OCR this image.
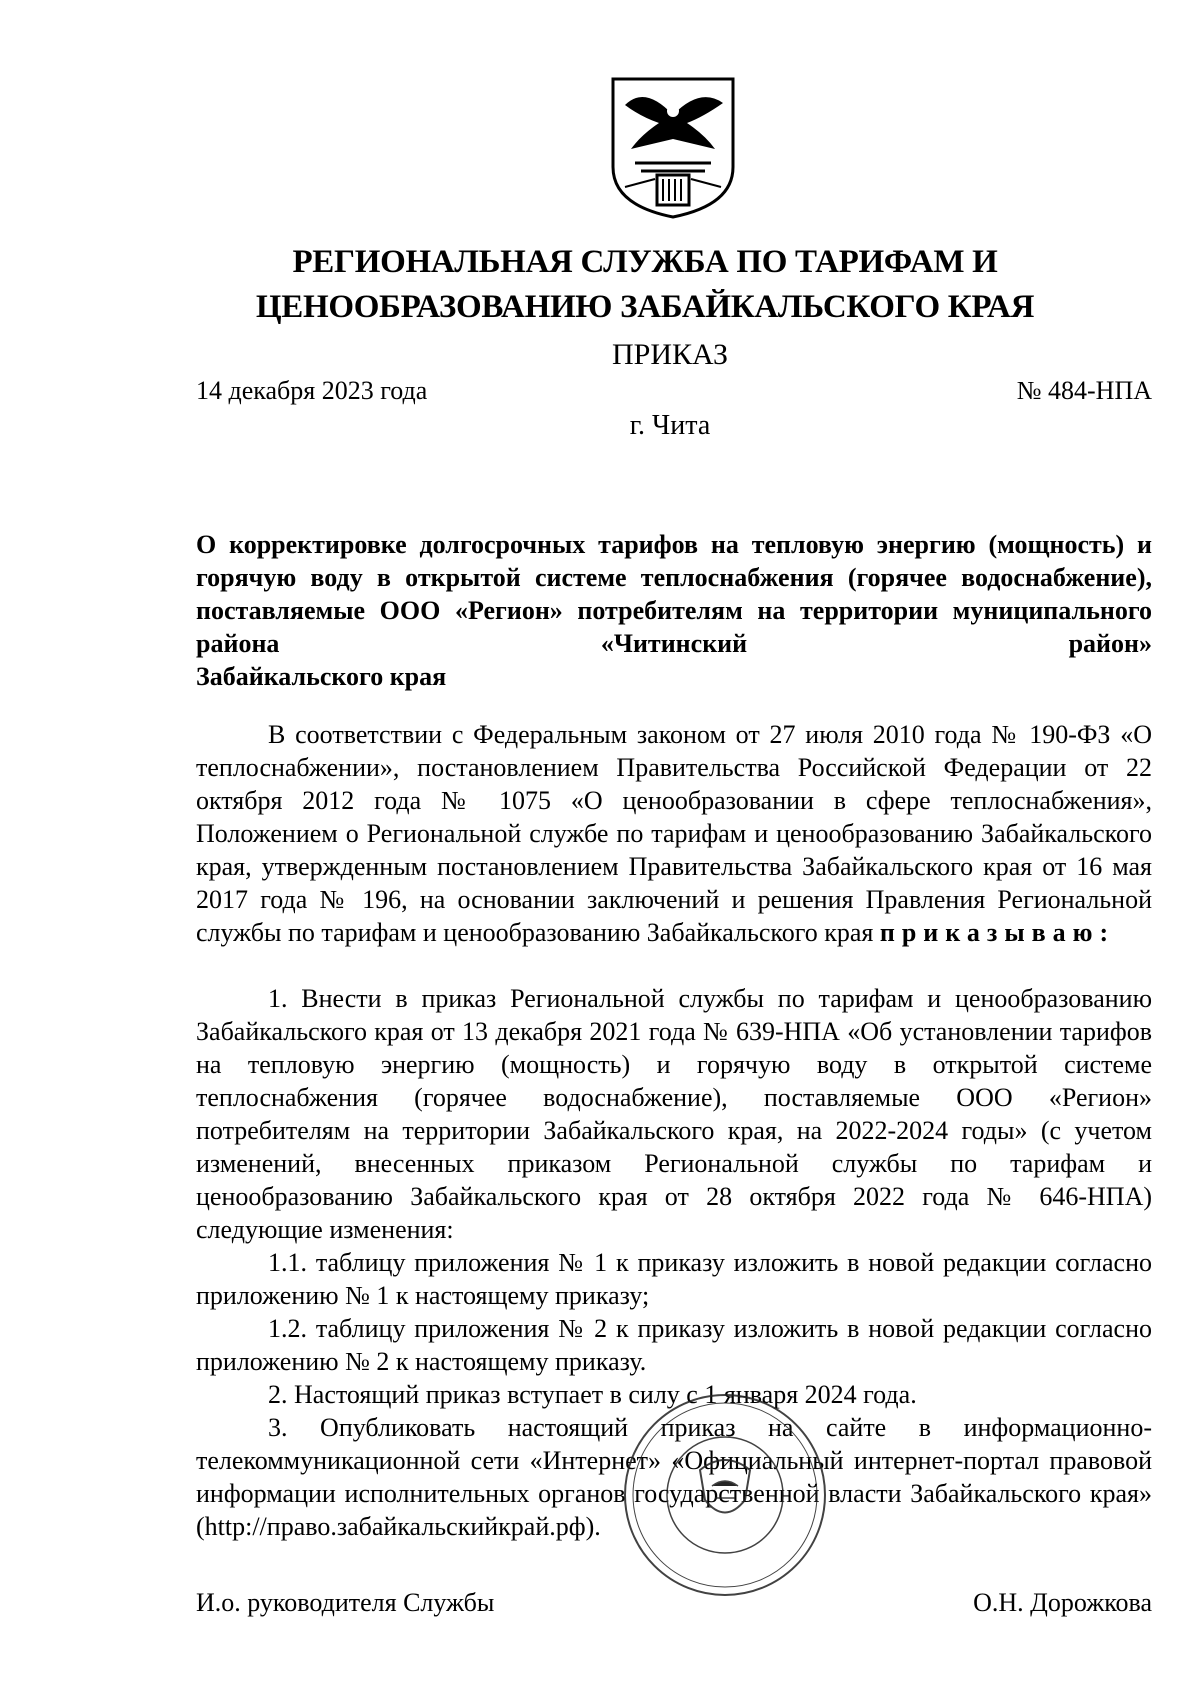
РЕГИОНАЛЬНАЯ СЛУЖБА ПО ТАРИФАМ И
ЦЕНООБРАЗОВАНИЮ ЗАБАЙКАЛЬСКОГО КРАЯ
ПРИКАЗ
14 декабря 2023 года	№ 484-НПА
г. Чита
О корректировке долгосрочных тарифов на тепловую энергию (мощность) и горячую воду в открытой системе теплоснабжения (горячее водоснабжение), поставляемые ООО «Регион» потребителям на территории муниципального района «Читинский район»
Забайкальского края

В соответствии с Федеральным законом от 27 июля 2010 года № 190-ФЗ «О теплоснабжении», постановлением Правительства Российской Федерации от 22 октября 2012 года № 1075 «О ценообразовании в сфере теплоснабжения», Положением о Региональной службе по тарифам и ценообразованию Забайкальского края, утвержденным постановлением Правительства Забайкальского края от 16 мая 2017 года № 196, на основании заключений и решения Правления Региональной службы по тарифам и ценообразованию Забайкальского края приказываю:

1. Внести в приказ Региональной службы по тарифам и ценообразованию Забайкальского края от 13 декабря 2021 года № 639-НПА «Об установлении тарифов на тепловую энергию (мощность) и горячую воду в открытой системе теплоснабжения (горячее водоснабжение), поставляемые ООО «Регион» потребителям на территории Забайкальского края, на 2022-2024 годы» (с учетом изменений, внесенных приказом Региональной службы по тарифам и ценообразованию Забайкальского края от 28 октября 2022 года № 646-НПА) следующие изменения:

1.1. таблицу приложения № 1 к приказу изложить в новой редакции согласно приложению № 1 к настоящему приказу;

1.2. таблицу приложения № 2 к приказу изложить в новой редакции согласно приложению № 2 к настоящему приказу.

2. Настоящий приказ вступает в силу с 1 января 2024 года.

3. Опубликовать настоящий приказ на сайте в информационно-телекоммуникационной сети «Интернет» «Официальный интернет-портал правовой информации исполнительных органов государственной власти Забайкальского края» (http://право.забайкальскийкрай.рф).

И.о. руководителя Службы	О.Н. Дорожкова
